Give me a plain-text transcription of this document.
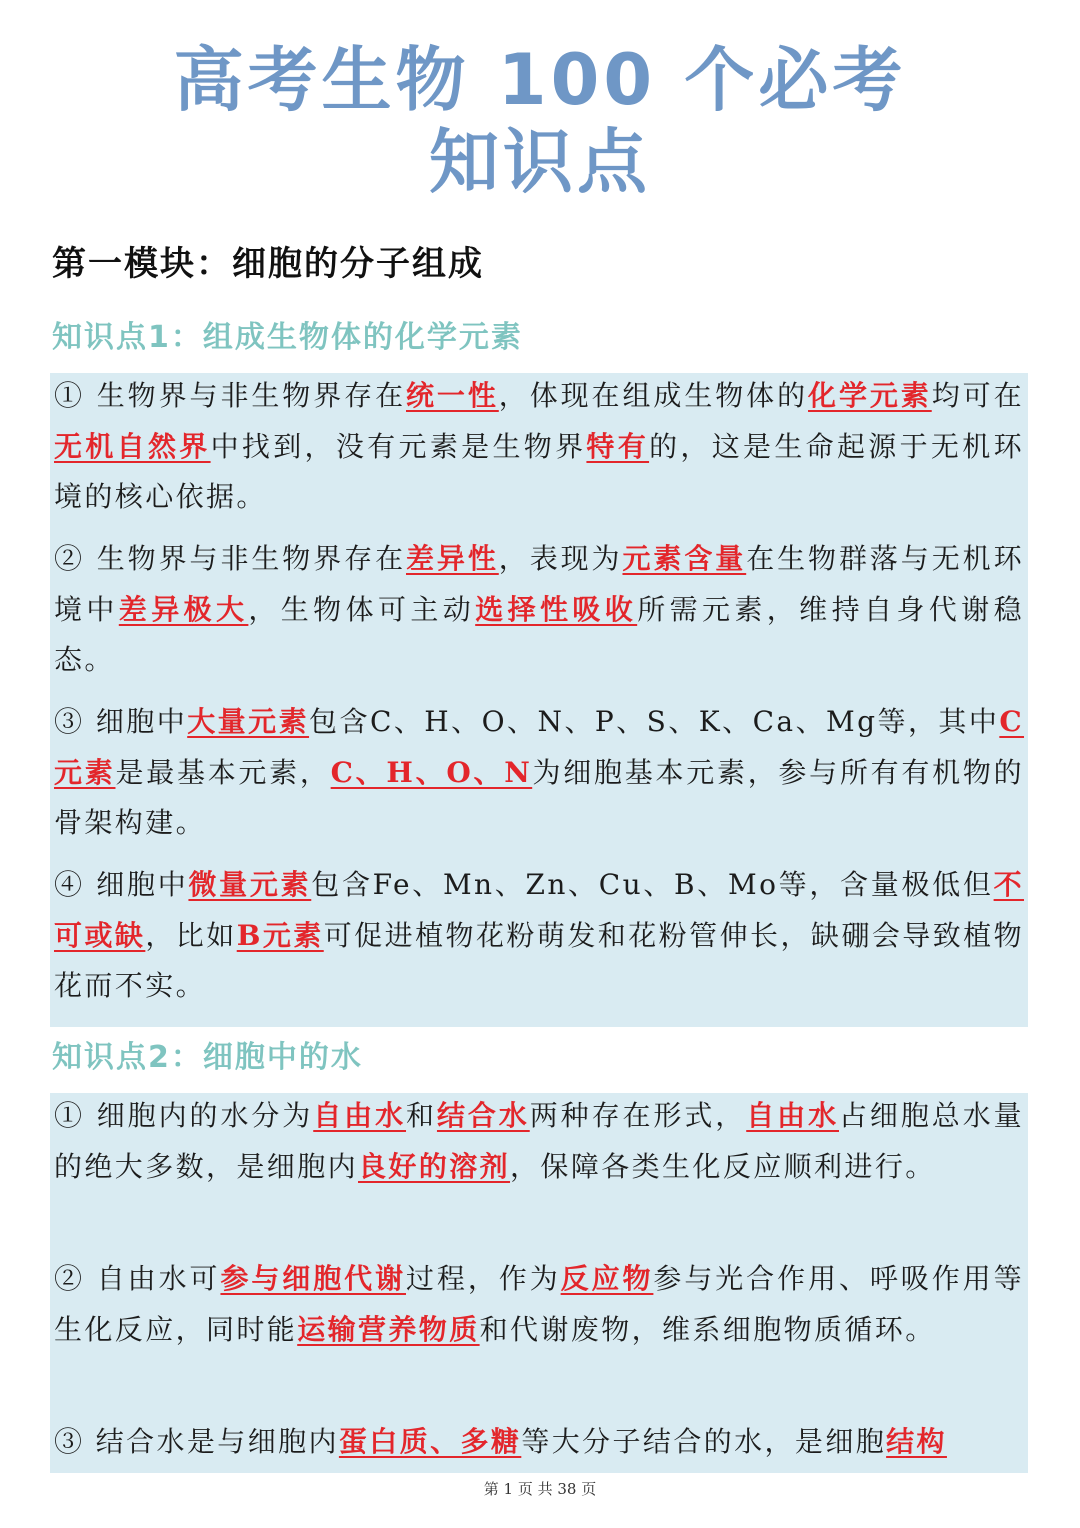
高考生物 100 个必考
知识点
第一模块：细胞的分子组成
知识点1：组成生物体的化学元素
① 生物界与非生物界存在统一性，体现在组成生物体的化学元素均可在无机自然界中找到，没有元素是生物界特有的，这是生命起源于无机环境的核心依据。
② 生物界与非生物界存在差异性，表现为元素含量在生物群落与无机环境中差异极大，生物体可主动选择性吸收所需元素，维持自身代谢稳态。
③ 细胞中大量元素包含C、H、O、N、P、S、K、Ca、Mg等，其中C元素是最基本元素，C、H、O、N为细胞基本元素，参与所有有机物的骨架构建。
④ 细胞中微量元素包含Fe、Mn、Zn、Cu、B、Mo等，含量极低但不可或缺，比如B元素可促进植物花粉萌发和花粉管伸长，缺硼会导致植物花而不实。
知识点2：细胞中的水
① 细胞内的水分为自由水和结合水两种存在形式，自由水占细胞总水量的绝大多数，是细胞内良好的溶剂，保障各类生化反应顺利进行。
② 自由水可参与细胞代谢过程，作为反应物参与光合作用、呼吸作用等生化反应，同时能运输营养物质和代谢废物，维系细胞物质循环。
③ 结合水是与细胞内蛋白质、多糖等大分子结合的水，是细胞结构
第 1 页 共 38 页
